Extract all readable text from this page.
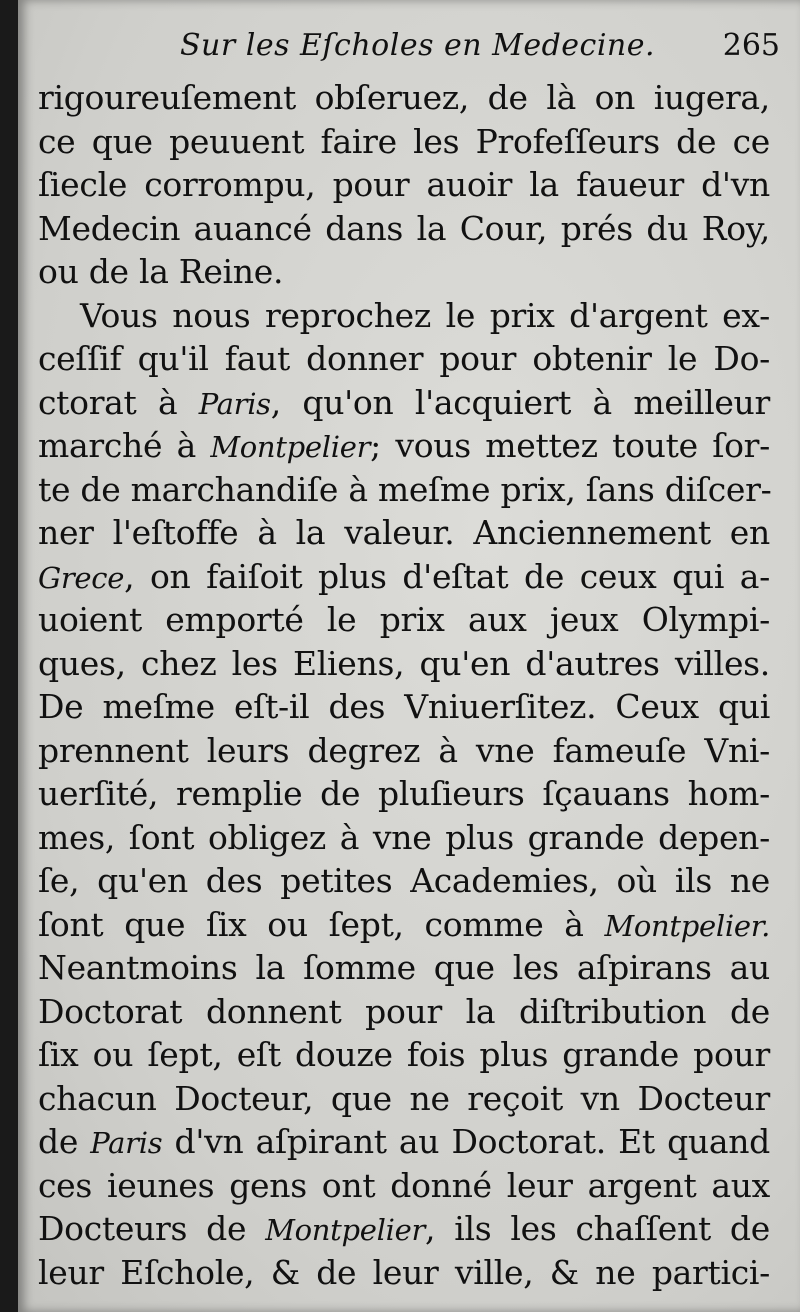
Sur les Eſcholes en Medecine. 265
rigoureuſement obſeruez, de là on iugera,
ce que peuuent faire les Profeſſeurs de ce
ſiecle corrompu, pour auoir la faueur d'vn
Medecin auancé dans la Cour, prés du Roy,
ou de la Reine.
Vous nous reprochez le prix d'argent ex-
ceſſif qu'il faut donner pour obtenir le Do-
ctorat à Paris, qu'on l'acquiert à meilleur
marché à Montpelier; vous mettez toute ſor-
te de marchandiſe à meſme prix, ſans diſcer-
ner l'eſtoffe à la valeur. Anciennement en
Grece, on faiſoit plus d'eſtat de ceux qui a-
uoient emporté le prix aux jeux Olympi-
ques, chez les Eliens, qu'en d'autres villes.
De meſme eſt-il des Vniuerſitez. Ceux qui
prennent leurs degrez à vne fameuſe Vni-
uerſité, remplie de pluſieurs ſçauans hom-
mes, ſont obligez à vne plus grande depen-
ſe, qu'en des petites Academies, où ils ne
ſont que ſix ou ſept, comme à Montpelier.
Neantmoins la ſomme que les aſpirans au
Doctorat donnent pour la diſtribution de
ſix ou ſept, eſt douze fois plus grande pour
chacun Docteur, que ne reçoit vn Docteur
de Paris d'vn aſpirant au Doctorat. Et quand
ces ieunes gens ont donné leur argent aux
Docteurs de Montpelier, ils les chaſſent de
leur Eſchole, & de leur ville, & ne partici-
